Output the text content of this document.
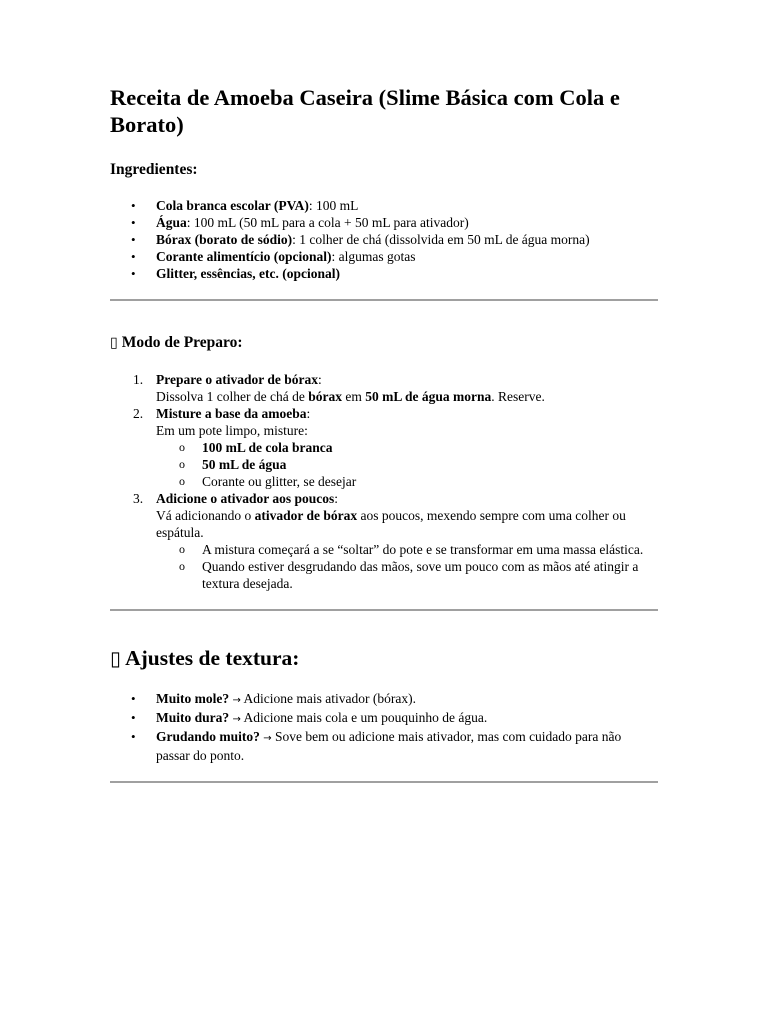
Receita de Amoeba Caseira (Slime Básica com Cola e Borato)
Ingredientes:
• Cola branca escolar (PVA): 100 mL
• Água: 100 mL (50 mL para a cola + 50 mL para ativador)
• Bórax (borato de sódio): 1 colher de chá (dissolvida em 50 mL de água morna)
• Corante alimentício (opcional): algumas gotas
• Glitter, essências, etc. (opcional)
▯ Modo de Preparo:
1. Prepare o ativador de bórax:
Dissolva 1 colher de chá de bórax em 50 mL de água morna. Reserve.
2. Misture a base da amoeba:
Em um pote limpo, misture:
o 100 mL de cola branca
o 50 mL de água
o Corante ou glitter, se desejar
3. Adicione o ativador aos poucos:
Vá adicionando o ativador de bórax aos poucos, mexendo sempre com uma colher ou espátula.
o A mistura começará a se “soltar” do pote e se transformar em uma massa elástica.
o Quando estiver desgrudando das mãos, sove um pouco com as mãos até atingir a textura desejada.
▯ Ajustes de textura:
• Muito mole? → Adicione mais ativador (bórax).
• Muito dura? → Adicione mais cola e um pouquinho de água.
• Grudando muito? → Sove bem ou adicione mais ativador, mas com cuidado para não passar do ponto.
